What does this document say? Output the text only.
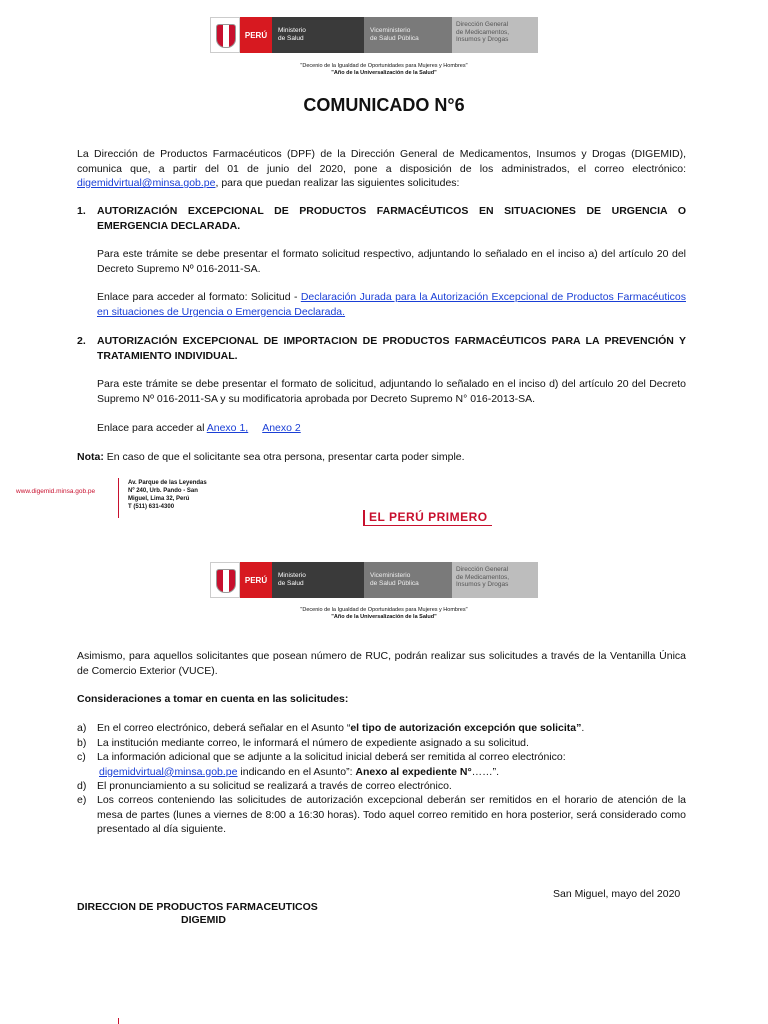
PERÚ	Ministerio
de Salud
Viceministerio
de Salud Pública
Dirección General
de Medicamentos,
Insumos y Drogas
"Decenio de la Igualdad de Oportunidades para Mujeres y Hombres"
"Año de la Universalización de la Salud"
COMUNICADO N°6
La Dirección de Productos Farmacéuticos (DPF) de la Dirección General de Medicamentos, Insumos y Drogas (DIGEMID), comunica que, a partir del 01 de junio del 2020, pone a disposición de los administrados, el correo electrónico: digemidvirtual@minsa.gob.pe, para que puedan realizar las siguientes solicitudes:
1. AUTORIZACIÓN EXCEPCIONAL DE PRODUCTOS FARMACÉUTICOS EN SITUACIONES DE URGENCIA O EMERGENCIA DECLARADA.
Para este trámite se debe presentar el formato solicitud respectivo, adjuntando lo señalado en el inciso a) del artículo 20 del Decreto Supremo Nº 016-2011-SA.
Enlace para acceder al formato: Solicitud - Declaración Jurada para la Autorización Excepcional de Productos Farmacéuticos en situaciones de Urgencia o Emergencia Declarada.
2. AUTORIZACIÓN EXCEPCIONAL DE IMPORTACION DE PRODUCTOS FARMACÉUTICOS PARA LA PREVENCIÓN Y TRATAMIENTO INDIVIDUAL.
Para este trámite se debe presentar el formato de solicitud, adjuntando lo señalado en el inciso d) del artículo 20 del Decreto Supremo Nº 016-2011-SA y su modificatoria aprobada por Decreto Supremo N° 016-2013-SA.
Enlace para acceder al Anexo 1, Anexo 2
Nota: En caso de que el solicitante sea otra persona, presentar carta poder simple.
www.digemid.minsa.gob.pe
Av. Parque de las Leyendas
Nº 240, Urb. Pando - San
Miguel, Lima 32, Perú
T (511) 631-4300
EL PERÚ PRIMERO
PERÚ	Ministerio
de Salud
Viceministerio
de Salud Pública
Dirección General
de Medicamentos,
Insumos y Drogas
"Decenio de la Igualdad de Oportunidades para Mujeres y Hombres"
"Año de la Universalización de la Salud"
Asimismo, para aquellos solicitantes que posean número de RUC, podrán realizar sus solicitudes a través de la Ventanilla Única de Comercio Exterior (VUCE).
Consideraciones a tomar en cuenta en las solicitudes:
a) En el correo electrónico, deberá señalar en el Asunto “el tipo de autorización excepción que solicita”.
b) La institución mediante correo, le informará el número de expediente asignado a su solicitud.
c) La información adicional que se adjunte a la solicitud inicial deberá ser remitida al correo electrónico:
digemidvirtual@minsa.gob.pe indicando en el Asunto”: Anexo al expediente N°……”.
d) El pronunciamiento a su solicitud se realizará a través de correo electrónico.
e) Los correos conteniendo las solicitudes de autorización excepcional deberán ser remitidos en el horario de atención de la mesa de partes (lunes a viernes de 8:00 a 16:30 horas). Todo aquel correo remitido en hora posterior, será considerado como presentado al día siguiente.
San Miguel, mayo del 2020
DIRECCION DE PRODUCTOS FARMACEUTICOS
DIGEMID
